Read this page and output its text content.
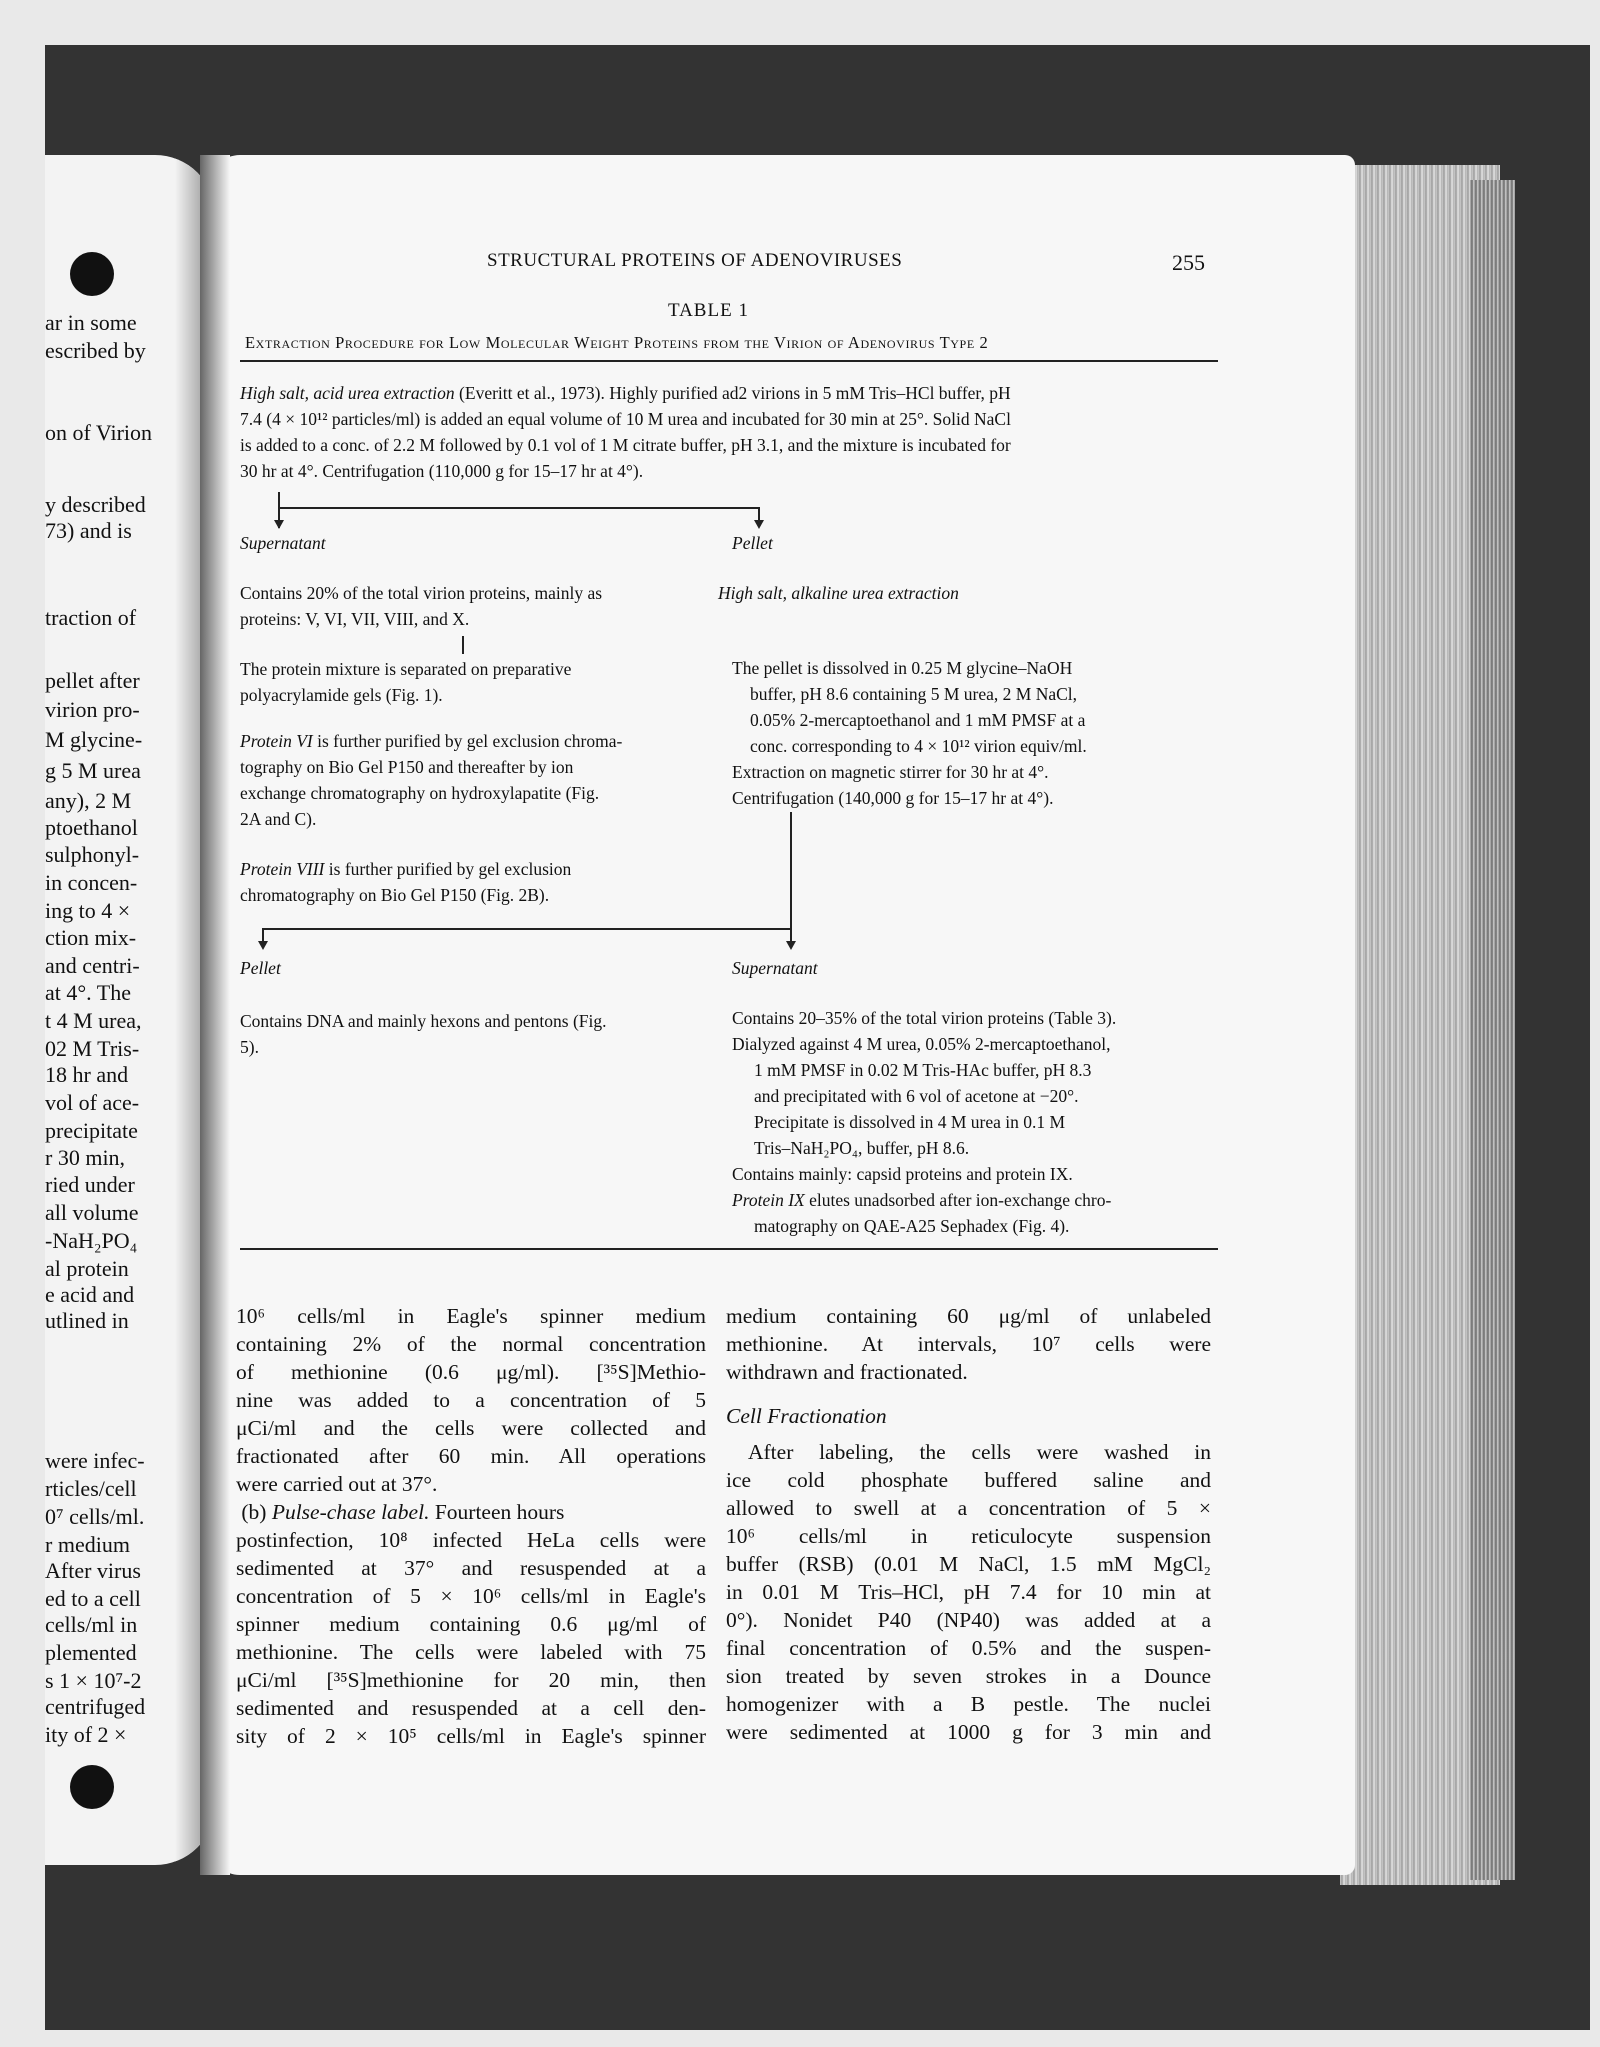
ar in some
escribed by
on of Virion
y described
73) and is
traction of
pellet after
virion pro-
M glycine-
g 5 M urea
any), 2 M
ptoethanol
sulphonyl-
in concen-
ing to 4 ×
ction mix-
and centri-
at 4°. The
t 4 M urea,
02 M Tris-
18 hr and
vol of ace-
precipitate
r 30 min,
ried under
all volume
-NaH₂PO₄
al protein
e acid and
utlined in
were infec-
rticles/cell
0⁷ cells/ml.
r medium
After virus
ed to a cell
cells/ml in
plemented
s 1 × 10⁷-2
centrifuged
ity of 2 ×
STRUCTURAL PROTEINS OF ADENOVIRUSES	255
TABLE 1
Extraction Procedure for Low Molecular Weight Proteins from the Virion of Adenovirus Type 2
High salt, acid urea extraction (Everitt et al., 1973). Highly purified ad2 virions in 5 mM Tris–HCl buffer, pH
7.4 (4 × 10¹² particles/ml) is added an equal volume of 10 M urea and incubated for 30 min at 25°. Solid NaCl
is added to a conc. of 2.2 M followed by 0.1 vol of 1 M citrate buffer, pH 3.1, and the mixture is incubated for
30 hr at 4°. Centrifugation (110,000 g for 15–17 hr at 4°).
Supernatant	Pellet
Contains 20% of the total virion proteins, mainly as
proteins: V, VI, VII, VIII, and X.
The protein mixture is separated on preparative
polyacrylamide gels (Fig. 1).
Protein VI is further purified by gel exclusion chroma-
tography on Bio Gel P150 and thereafter by ion
exchange chromatography on hydroxylapatite (Fig.
2A and C).
Protein VIII is further purified by gel exclusion
chromatography on Bio Gel P150 (Fig. 2B).
High salt, alkaline urea extraction
The pellet is dissolved in 0.25 M glycine–NaOH
buffer, pH 8.6 containing 5 M urea, 2 M NaCl,
0.05% 2-mercaptoethanol and 1 mM PMSF at a
conc. corresponding to 4 × 10¹² virion equiv/ml.
Extraction on magnetic stirrer for 30 hr at 4°.
Centrifugation (140,000 g for 15–17 hr at 4°).
Pellet	Supernatant
Contains DNA and mainly hexons and pentons (Fig.
5).
Contains 20–35% of the total virion proteins (Table 3).
Dialyzed against 4 M urea, 0.05% 2-mercaptoethanol,
1 mM PMSF in 0.02 M Tris-HAc buffer, pH 8.3
and precipitated with 6 vol of acetone at −20°.
Precipitate is dissolved in 4 M urea in 0.1 M
Tris–NaH₂PO₄, buffer, pH 8.6.
Contains mainly: capsid proteins and protein IX.
Protein IX elutes unadsorbed after ion-exchange chro-
matography on QAE-A25 Sephadex (Fig. 4).
10⁶ cells/ml in Eagle's spinner medium
containing 2% of the normal concentration
of methionine (0.6 μg/ml). [³⁵S]Methio-
nine was added to a concentration of 5
μCi/ml and the cells were collected and
fractionated after 60 min. All operations
were carried out at 37°.
(b) Pulse-chase label. Fourteen hours
postinfection, 10⁸ infected HeLa cells were
sedimented at 37° and resuspended at a
concentration of 5 × 10⁶ cells/ml in Eagle's
spinner medium containing 0.6 μg/ml of
methionine. The cells were labeled with 75
μCi/ml [³⁵S]methionine for 20 min, then
sedimented and resuspended at a cell den-
sity of 2 × 10⁵ cells/ml in Eagle's spinner
medium containing 60 μg/ml of unlabeled
methionine. At intervals, 10⁷ cells were
withdrawn and fractionated.
Cell Fractionation
After labeling, the cells were washed in
ice cold phosphate buffered saline and
allowed to swell at a concentration of 5 ×
10⁶ cells/ml in reticulocyte suspension
buffer (RSB) (0.01 M NaCl, 1.5 mM MgCl₂
in 0.01 M Tris–HCl, pH 7.4 for 10 min at
0°). Nonidet P40 (NP40) was added at a
final concentration of 0.5% and the suspen-
sion treated by seven strokes in a Dounce
homogenizer with a B pestle. The nuclei
were sedimented at 1000 g for 3 min and
